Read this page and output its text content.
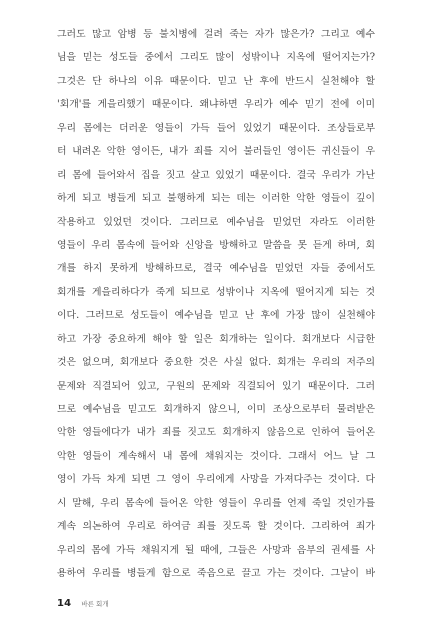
그러도 많고 암병 등 불치병에 걸려 죽는 자가 많은가? 그리고 예수
님을 믿는 성도들 중에서 그리도 많이 성밖이나 지옥에 떨어지는가?
그것은 단 하나의 이유 때문이다. 믿고 난 후에 반드시 실천해야 할
'회개'를 게을리했기 때문이다. 왜냐하면 우리가 예수 믿기 전에 이미
우리 몸에는 더러운 영들이 가득 들어 있었기 때문이다. 조상들로부
터 내려온 악한 영이든, 내가 죄를 지어 불러들인 영이든 귀신들이 우
리 몸에 들어와서 집을 짓고 살고 있었기 때문이다. 결국 우리가 가난
하게 되고 병들게 되고 불행하게 되는 데는 이러한 악한 영들이 깊이
작용하고 있었던 것이다. 그러므로 예수님을 믿었던 자라도 이러한
영들이 우리 몸속에 들어와 신앙을 방해하고 말씀을 못 듣게 하며, 회
개를 하지 못하게 방해하므로, 결국 예수님을 믿었던 자들 중에서도
회개를 게을리하다가 죽게 되므로 성밖이나 지옥에 떨어지게 되는 것
이다. 그러므로 성도들이 예수님을 믿고 난 후에 가장 많이 실천해야
하고 가장 중요하게 해야 할 일은 회개하는 일이다. 회개보다 시급한
것은 없으며, 회개보다 중요한 것은 사실 없다. 회개는 우리의 저주의
문제와 직결되어 있고, 구원의 문제와 직결되어 있기 때문이다. 그러
므로 예수님을 믿고도 회개하지 않으니, 이미 조상으로부터 물려받은
악한 영들에다가 내가 죄를 짓고도 회개하지 않음으로 인하여 들어온
악한 영들이 계속해서 내 몸에 채워지는 것이다. 그래서 어느 날 그
영이 가득 차게 되면 그 영이 우리에게 사망을 가져다주는 것이다. 다
시 말해, 우리 몸속에 들어온 악한 영들이 우리를 언제 죽일 것인가를
계속 의논하여 우리로 하여금 죄를 짓도록 할 것이다. 그리하여 죄가
우리의 몸에 가득 채워지게 될 때에, 그들은 사망과 음부의 권세를 사
용하여 우리를 병들게 함으로 죽음으로 끌고 가는 것이다. 그날이 바
14 바른 회개
